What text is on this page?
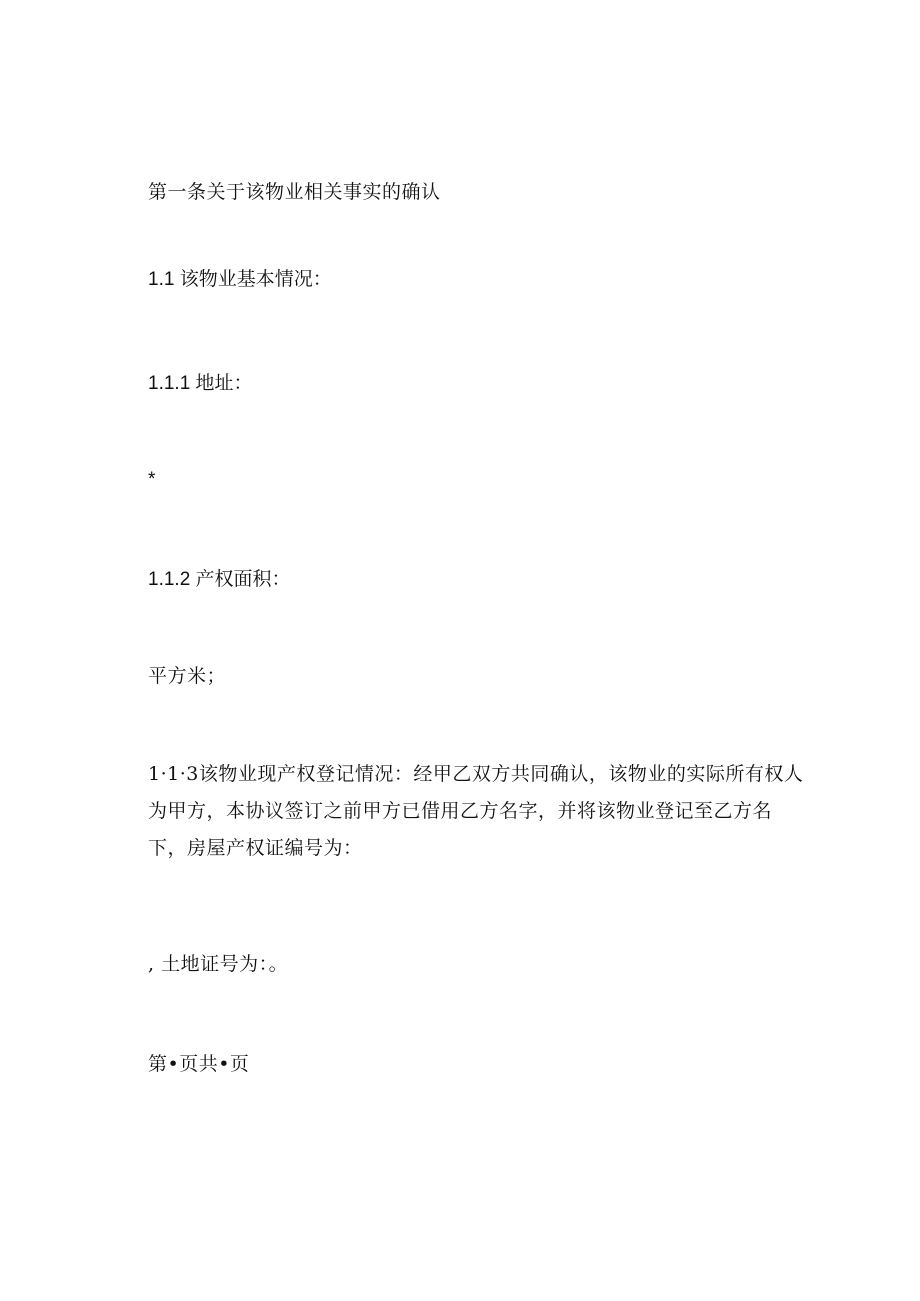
第一条关于该物业相关事实的确认
1.1 该物业基本情况：
1.1.1 地址：
*
1.1.2 产权面积：
平方米；
1·1·3该物业现产权登记情况：经甲乙双方共同确认，该物业的实际所有权人为甲方，本协议签订之前甲方已借用乙方名字，并将该物业登记至乙方名下，房屋产权证编号为：
, 土地证号为：。
第•页共•页
